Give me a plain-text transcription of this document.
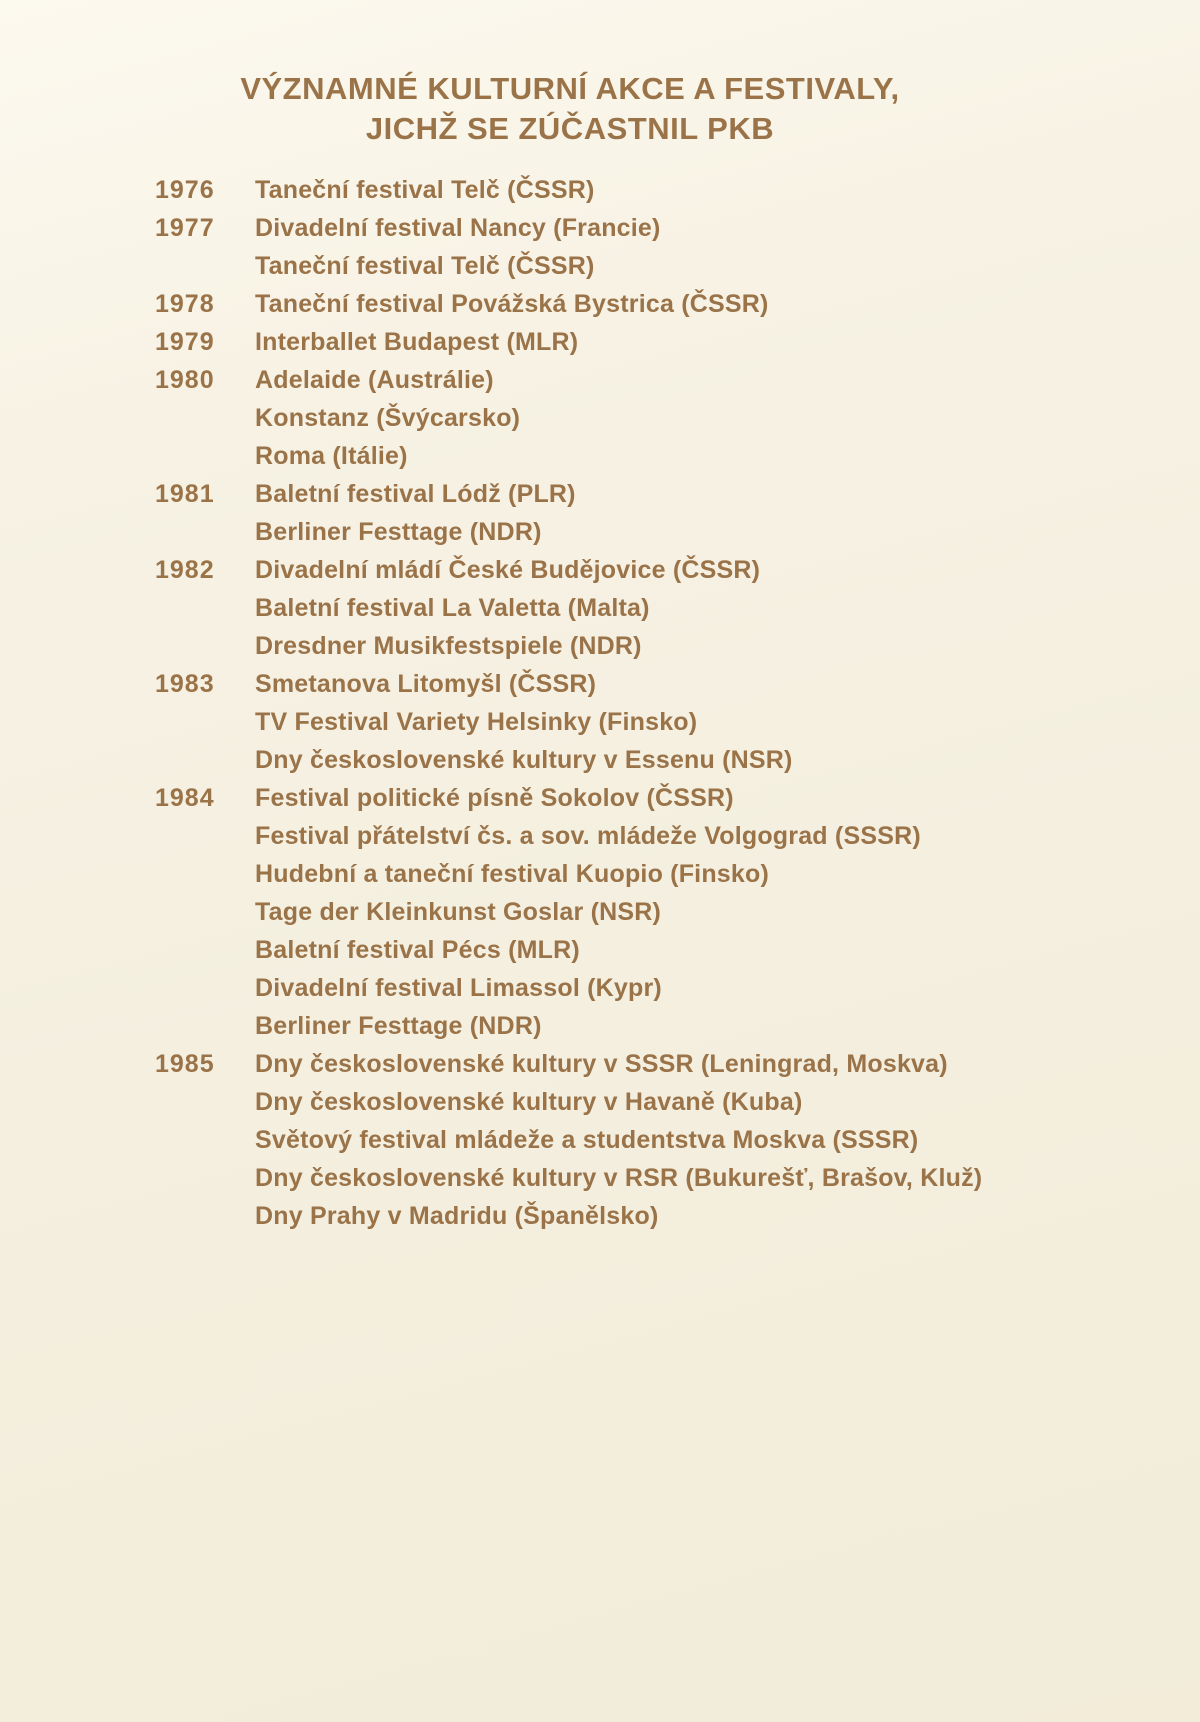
VÝZNAMNÉ KULTURNÍ AKCE A FESTIVALY,
JICHŽ SE ZÚČASTNIL PKB
1976	Taneční festival Telč (ČSSR)
1977	Divadelní festival Nancy (Francie)
Taneční festival Telč (ČSSR)
1978	Taneční festival Povážská Bystrica (ČSSR)
1979	Interballet Budapest (MLR)
1980	Adelaide (Austrálie)
Konstanz (Švýcarsko)
Roma (Itálie)
1981	Baletní festival Lódž (PLR)
Berliner Festtage (NDR)
1982	Divadelní mládí České Budějovice (ČSSR)
Baletní festival La Valetta (Malta)
Dresdner Musikfestspiele (NDR)
1983	Smetanova Litomyšl (ČSSR)
TV Festival Variety Helsinky (Finsko)
Dny československé kultury v Essenu (NSR)
1984	Festival politické písně Sokolov (ČSSR)
Festival přátelství čs. a sov. mládeže Volgograd (SSSR)
Hudební a taneční festival Kuopio (Finsko)
Tage der Kleinkunst Goslar (NSR)
Baletní festival Pécs (MLR)
Divadelní festival Limassol (Kypr)
Berliner Festtage (NDR)
1985	Dny československé kultury v SSSR (Leningrad, Moskva)
Dny československé kultury v Havaně (Kuba)
Světový festival mládeže a studentstva Moskva (SSSR)
Dny československé kultury v RSR (Bukurešť, Brašov, Kluž)
Dny Prahy v Madridu (Španělsko)
